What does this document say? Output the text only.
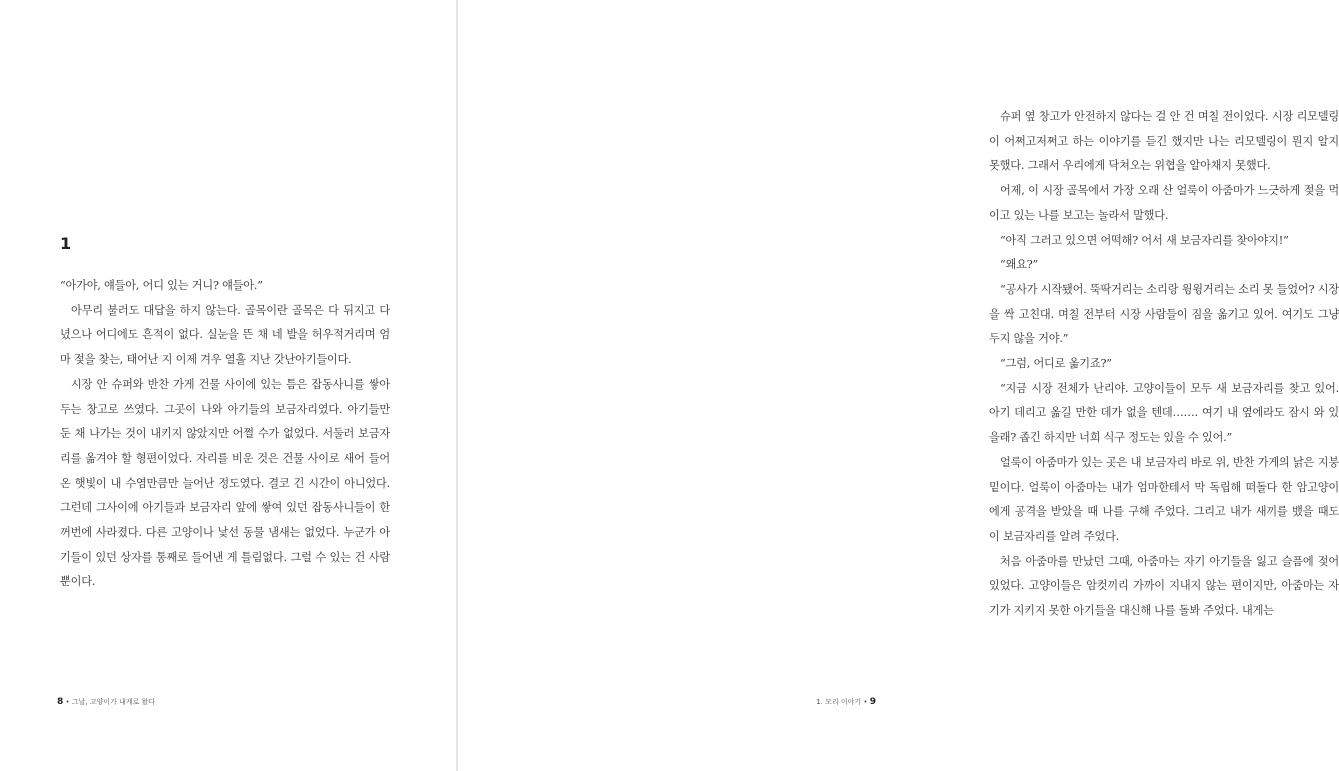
1

“아가야, 얘들아, 어디 있는 거니? 얘들아.”

아무리 불러도 대답을 하지 않는다. 골목이란 골목은 다 뒤지고 다녔으나 어디에도 흔적이 없다. 실눈을 뜬 채 네 발을 허우적거리며 엄마 젖을 찾는, 태어난 지 이제 겨우 열흘 지난 갓난아기들이다.

시장 안 슈퍼와 반찬 가게 건물 사이에 있는 틈은 잡동사니를 쌓아 두는 창고로 쓰였다. 그곳이 나와 아기들의 보금자리였다. 아기들만 둔 채 나가는 것이 내키지 않았지만 어쩔 수가 없었다. 서둘러 보금자리를 옮겨야 할 형편이었다. 자리를 비운 것은 건물 사이로 새어 들어온 햇빛이 내 수염만큼만 늘어난 정도였다. 결코 긴 시간이 아니었다. 그런데 그사이에 아기들과 보금자리 앞에 쌓여 있던 잡동사니들이 한꺼번에 사라졌다. 다른 고양이나 낯선 동물 냄새는 없었다. 누군가 아기들이 있던 상자를 통째로 들어낸 게 틀림없다. 그럴 수 있는 건 사람뿐이다.

8 • 그날, 고양이가 내게로 왔다

슈퍼 옆 창고가 안전하지 않다는 걸 안 건 며칠 전이었다. 시장 리모델링이 어쩌고저쩌고 하는 이야기를 듣긴 했지만 나는 리모델링이 뭔지 알지 못했다. 그래서 우리에게 닥쳐오는 위협을 알아채지 못했다.

어제, 이 시장 골목에서 가장 오래 산 얼룩이 아줌마가 느긋하게 젖을 먹이고 있는 나를 보고는 놀라서 말했다.

“아직 그러고 있으면 어떡해? 어서 새 보금자리를 찾아야지!”

“왜요?”

“공사가 시작됐어. 뚝딱거리는 소리랑 윙윙거리는 소리 못 들었어? 시장을 싹 고친대. 며칠 전부터 시장 사람들이 짐을 옮기고 있어. 여기도 그냥 두지 않을 거야.”

“그럼, 어디로 옮기죠?”

“지금 시장 전체가 난리야. 고양이들이 모두 새 보금자리를 찾고 있어. 아기 데리고 옮길 만한 데가 없을 텐데……. 여기 내 옆에라도 잠시 와 있을래? 좁긴 하지만 너희 식구 정도는 있을 수 있어.”

얼룩이 아줌마가 있는 곳은 내 보금자리 바로 위, 반찬 가게의 낡은 지붕 밑이다. 얼룩이 아줌마는 내가 엄마한테서 막 독립해 떠돌다 한 암고양이에게 공격을 받았을 때 나를 구해 주었다. 그리고 내가 새끼를 뱄을 때도 이 보금자리를 알려 주었다.

처음 아줌마를 만났던 그때, 아줌마는 자기 아기들을 잃고 슬픔에 젖어 있었다. 고양이들은 암컷끼리 가까이 지내지 않는 편이지만, 아줌마는 자기가 지키지 못한 아기들을 대신해 나를 돌봐 주었다. 내게는

1. 모리 이야기 • 9
